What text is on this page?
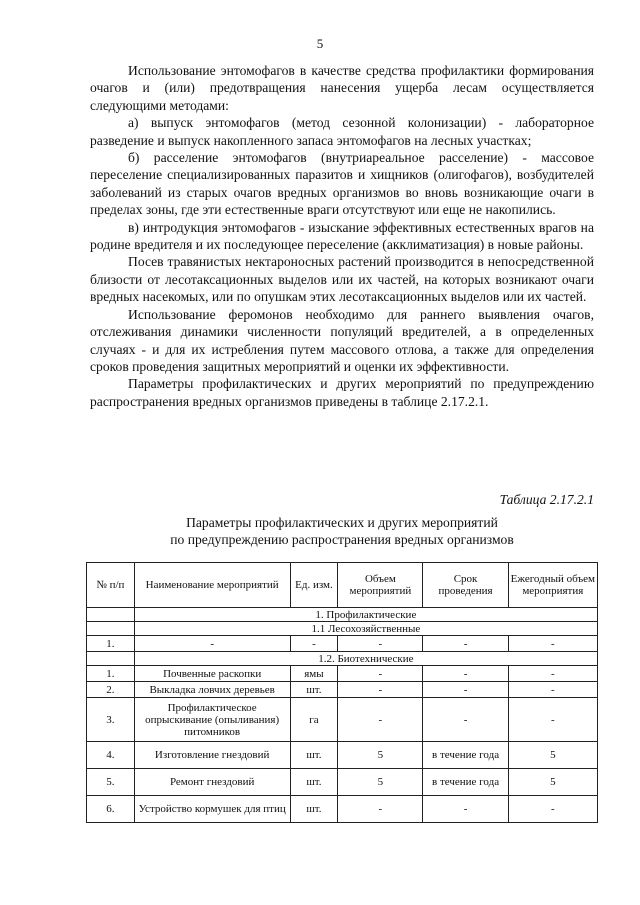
5

Использование энтомофагов в качестве средства профилактики формирования очагов и (или) предотвращения нанесения ущерба лесам осуществляется следующими методами:

а) выпуск энтомофагов (метод сезонной колонизации) - лабораторное разведение и выпуск накопленного запаса энтомофагов на лесных участках;

б) расселение энтомофагов (внутриареальное расселение) - массовое переселение специализированных паразитов и хищников (олигофагов), возбудителей заболеваний из старых очагов вредных организмов во вновь возникающие очаги в пределах зоны, где эти естественные враги отсутствуют или еще не накопились.

в) интродукция энтомофагов - изыскание эффективных естественных врагов на родине вредителя и их последующее переселение (акклиматизация) в новые районы.

Посев травянистых нектароносных растений производится в непосредственной близости от лесотаксационных выделов или их частей, на которых возникают очаги вредных насекомых, или по опушкам этих лесотаксационных выделов или их частей.

Использование феромонов необходимо для раннего выявления очагов, отслеживания динамики численности популяций вредителей, а в определенных случаях - и для их истребления путем массового отлова, а также для определения сроков проведения защитных мероприятий и оценки их эффективности.

Параметры профилактических и других мероприятий по предупреждению распространения вредных организмов приведены в таблице 2.17.2.1.

Таблица 2.17.2.1
Параметры профилактических и других мероприятий
по предупреждению распространения вредных организмов
№ п/п	Наименование мероприятий	Ед. изм.	Объем мероприятий	Срок проведения	Ежегодный объем мероприятия
	1. Профилактические				
	1.1 Лесохозяйственные				
1.	-	-	-	-	-
	1.2. Биотехнические				
1.	Почвенные раскопки	ямы	-	-	-
2.	Выкладка ловчих деревьев	шт.	-	-	-
3.	Профилактическое опрыскивание (опыливания) питомников	га	-	-	-
4.	Изготовление гнездовий	шт.	5	в течение года	5
5.	Ремонт гнездовий	шт.	5	в течение года	5
6.	Устройство кормушек для птиц	шт.	-	-	-
